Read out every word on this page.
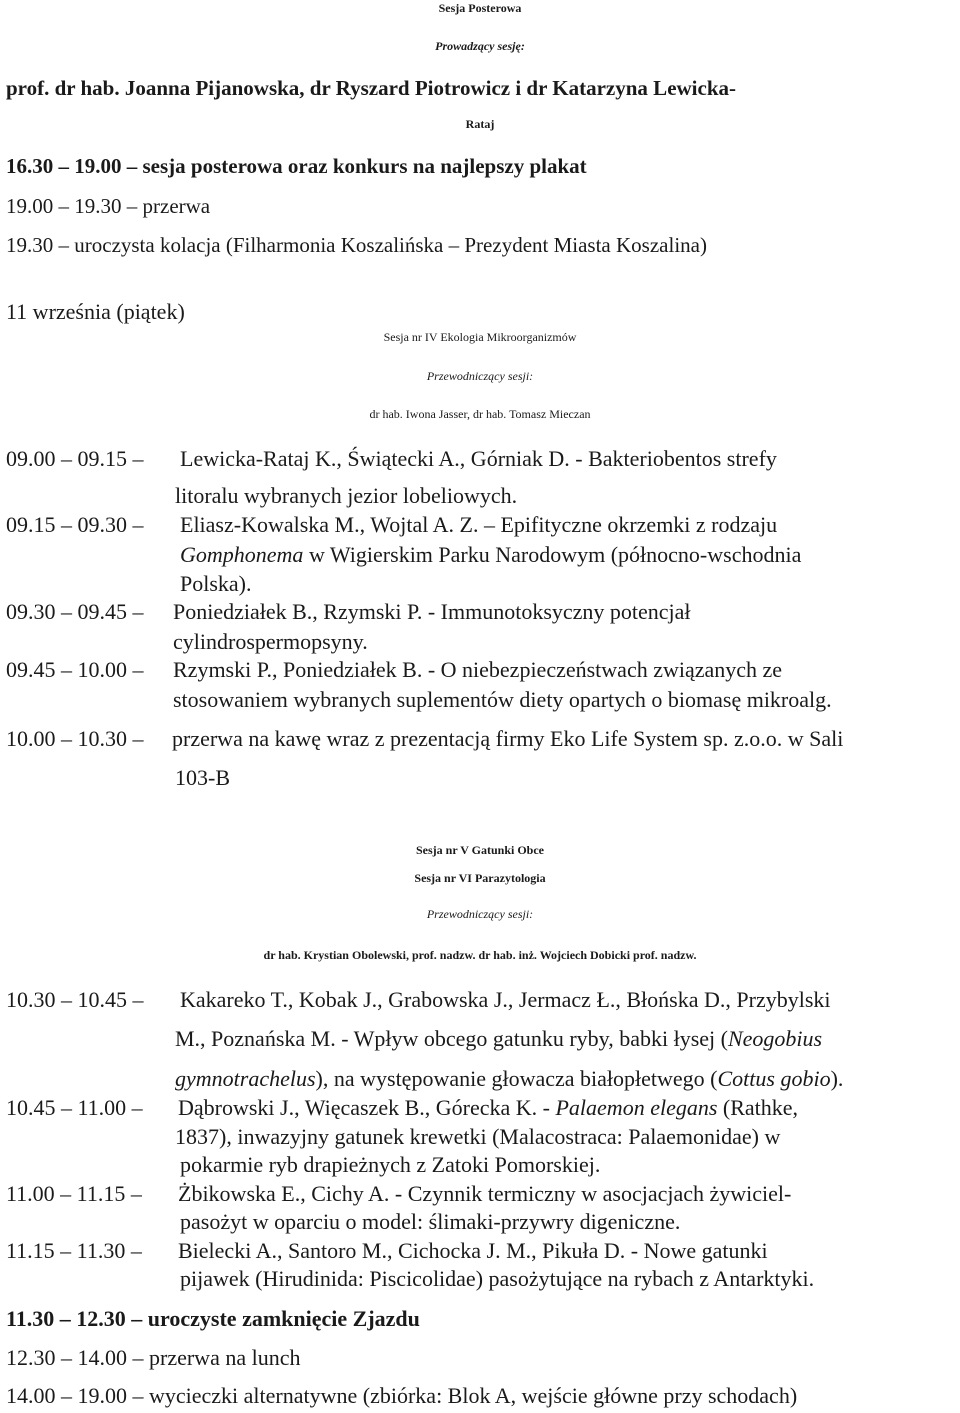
Sesja Posterowa
Prowadzący sesję:
prof. dr hab. Joanna Pijanowska, dr Ryszard Piotrowicz i dr Katarzyna Lewicka-
Rataj
16.30 – 19.00 – sesja posterowa oraz konkurs na najlepszy plakat
19.00 – 19.30 – przerwa
19.30 – uroczysta kolacja (Filharmonia Koszalińska – Prezydent Miasta Koszalina)
11 września (piątek)
Sesja nr IV Ekologia Mikroorganizmów
Przewodniczący sesji:
dr hab. Iwona Jasser, dr hab. Tomasz Mieczan
09.00 – 09.15 – Lewicka-Rataj K., Świątecki A., Górniak D. - Bakteriobentos strefy
litoralu wybranych jezior lobeliowych.
09.15 – 09.30 – Eliasz-Kowalska M., Wojtal A. Z. – Epifityczne okrzemki z rodzaju
Gomphonema w Wigierskim Parku Narodowym (północno-wschodnia
Polska).
09.30 – 09.45 – Poniedziałek B., Rzymski P. - Immunotoksyczny potencjał
cylindrospermopsyny.
09.45 – 10.00 – Rzymski P., Poniedziałek B. - O niebezpieczeństwach związanych ze
stosowaniem wybranych suplementów diety opartych o biomasę mikroalg.
10.00 – 10.30 – przerwa na kawę wraz z prezentacją firmy Eko Life System sp. z.o.o. w Sali
103-B
Sesja nr V Gatunki Obce
Sesja nr VI Parazytologia
Przewodniczący sesji:
dr hab. Krystian Obolewski, prof. nadzw. dr hab. inż. Wojciech Dobicki prof. nadzw.
10.30 – 10.45 – Kakareko T., Kobak J., Grabowska J., Jermacz Ł., Błońska D., Przybylski
M., Poznańska M. - Wpływ obcego gatunku ryby, babki łysej (Neogobius
gymnotrachelus), na występowanie głowacza białopłetwego (Cottus gobio).
10.45 – 11.00 – Dąbrowski J., Więcaszek B., Górecka K. - Palaemon elegans (Rathke,
1837), inwazyjny gatunek krewetki (Malacostraca: Palaemonidae) w
pokarmie ryb drapieżnych z Zatoki Pomorskiej.
11.00 – 11.15 – Żbikowska E., Cichy A. - Czynnik termiczny w asocjacjach żywiciel-
pasożyt w oparciu o model: ślimaki-przywry digeniczne.
11.15 – 11.30 – Bielecki A., Santoro M., Cichocka J. M., Pikuła D. - Nowe gatunki
pijawek (Hirudinida: Piscicolidae) pasożytujące na rybach z Antarktyki.
11.30 – 12.30 – uroczyste zamknięcie Zjazdu
12.30 – 14.00 – przerwa na lunch
14.00 – 19.00 – wycieczki alternatywne (zbiórka: Blok A, wejście główne przy schodach)
